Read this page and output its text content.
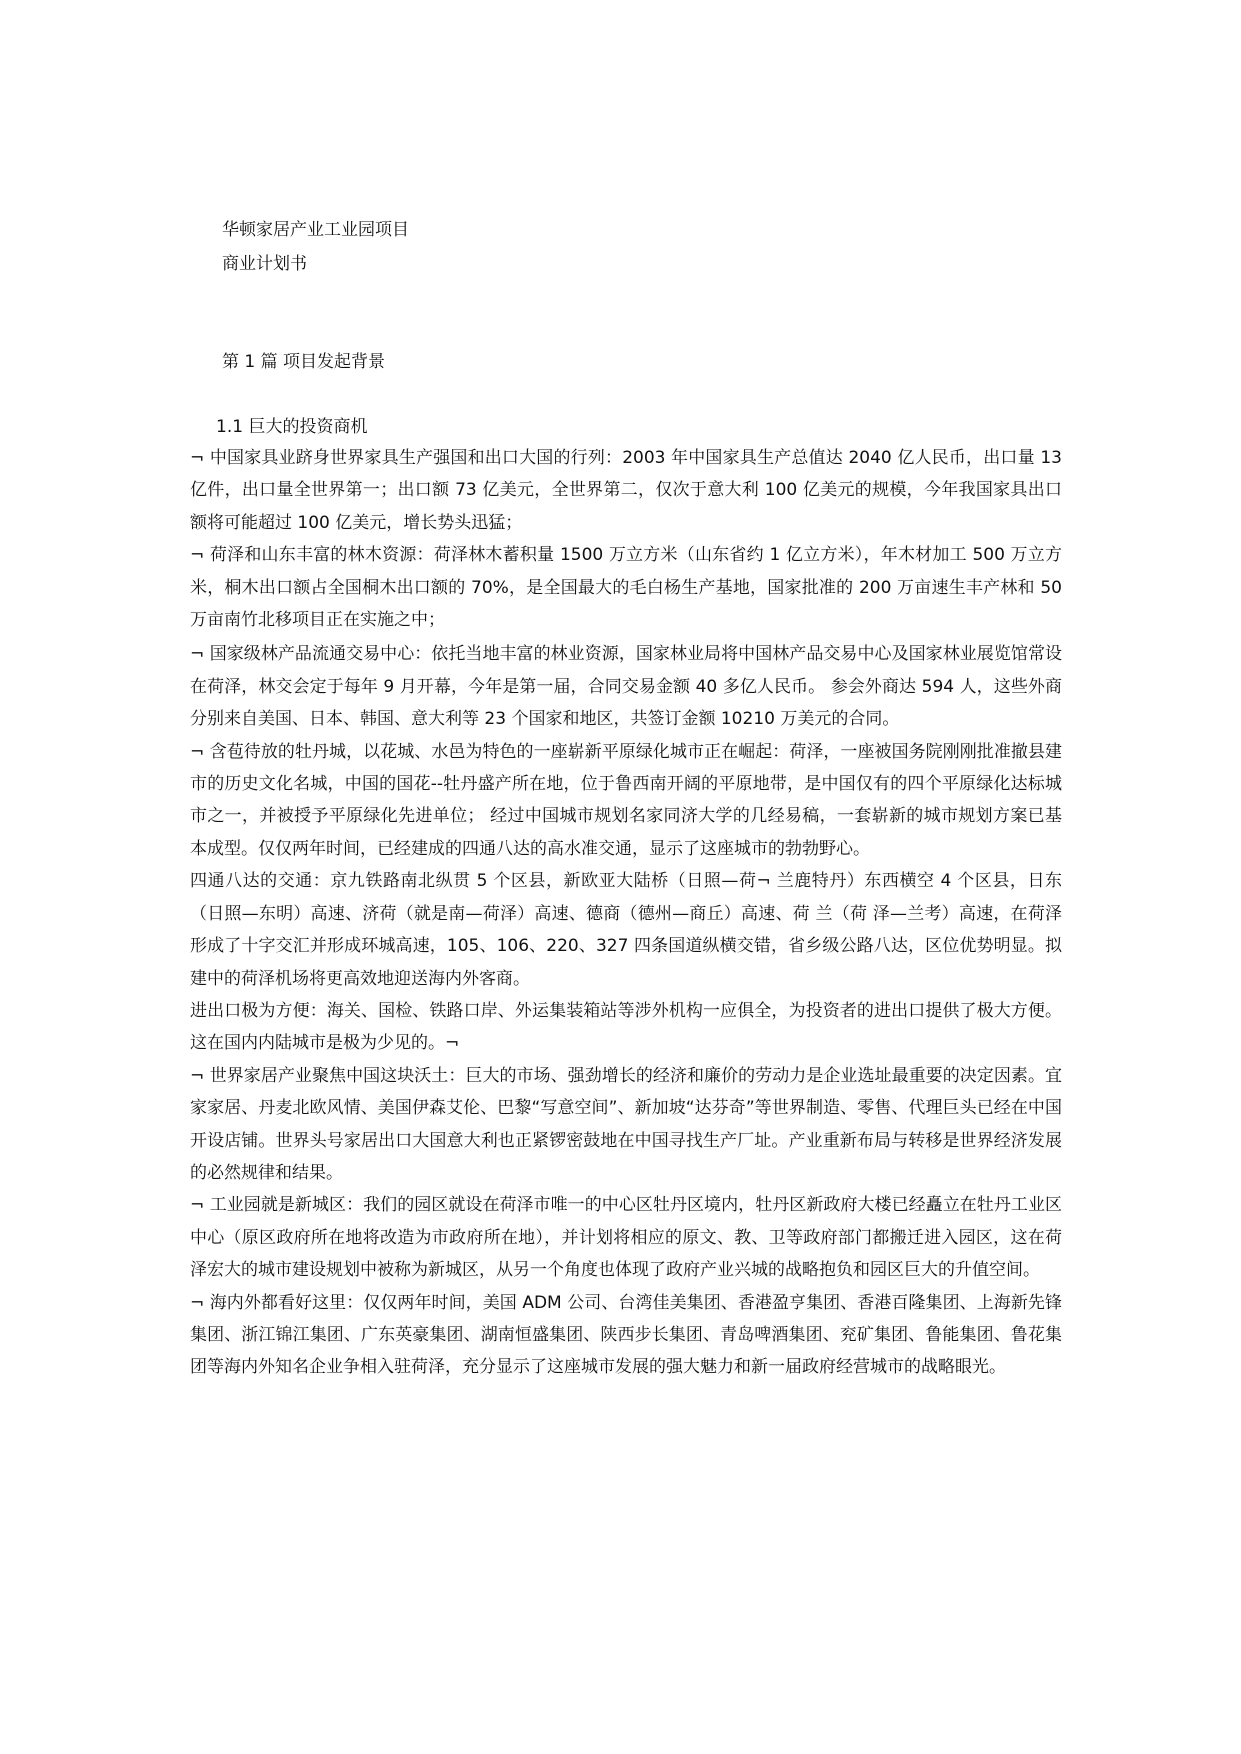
华顿家居产业工业园项目
商业计划书
第 1 篇 项目发起背景
1.1 巨大的投资商机

¬ 中国家具业跻身世界家具生产强国和出口大国的行列：2003 年中国家具生产总值达 2040 亿人民币，出口量 13 亿件，出口量全世界第一；出口额 73 亿美元，全世界第二，仅次于意大利 100 亿美元的规模，今年我国家具出口额将可能超过 100 亿美元，增长势头迅猛；

¬ 荷泽和山东丰富的林木资源：荷泽林木蓄积量 1500 万立方米（山东省约 1 亿立方米），年木材加工 500 万立方米，桐木出口额占全国桐木出口额的 70%，是全国最大的毛白杨生产基地，国家批准的 200 万亩速生丰产林和 50 万亩南竹北移项目正在实施之中；

¬ 国家级林产品流通交易中心：依托当地丰富的林业资源，国家林业局将中国林产品交易中心及国家林业展览馆常设在荷泽，林交会定于每年 9 月开幕，今年是第一届，合同交易金额 40 多亿人民币。 参会外商达 594 人，这些外商分别来自美国、日本、韩国、意大利等 23 个国家和地区，共签订金额 10210 万美元的合同。

¬ 含苞待放的牡丹城，以花城、水邑为特色的一座崭新平原绿化城市正在崛起：荷泽，一座被国务院刚刚批准撤县建市的历史文化名城，中国的国花--牡丹盛产所在地，位于鲁西南开阔的平原地带，是中国仅有的四个平原绿化达标城市之一，并被授予平原绿化先进单位； 经过中国城市规划名家同济大学的几经易稿，一套崭新的城市规划方案已基本成型。仅仅两年时间，已经建成的四通八达的高水准交通，显示了这座城市的勃勃野心。

四通八达的交通：京九铁路南北纵贯 5 个区县，新欧亚大陆桥（日照—荷¬ 兰鹿特丹）东西横空 4 个区县，日东（日照—东明）高速、济荷（就是南—荷泽）高速、德商（德州—商丘）高速、荷 兰（荷 泽—兰考）高速，在荷泽形成了十字交汇并形成环城高速，105、106、220、327 四条国道纵横交错，省乡级公路八达，区位优势明显。拟建中的荷泽机场将更高效地迎送海内外客商。

进出口极为方便：海关、国检、铁路口岸、外运集装箱站等涉外机构一应俱全，为投资者的进出口提供了极大方便。这在国内内陆城市是极为少见的。¬

¬ 世界家居产业聚焦中国这块沃土：巨大的市场、强劲增长的经济和廉价的劳动力是企业选址最重要的决定因素。宜家家居、丹麦北欧风情、美国伊森艾伦、巴黎“写意空间”、新加坡“达芬奇”等世界制造、零售、代理巨头已经在中国开设店铺。世界头号家居出口大国意大利也正紧锣密鼓地在中国寻找生产厂址。产业重新布局与转移是世界经济发展的必然规律和结果。

¬ 工业园就是新城区：我们的园区就设在荷泽市唯一的中心区牡丹区境内，牡丹区新政府大楼已经矗立在牡丹工业区中心（原区政府所在地将改造为市政府所在地），并计划将相应的原文、教、卫等政府部门都搬迁进入园区，这在荷泽宏大的城市建设规划中被称为新城区，从另一个角度也体现了政府产业兴城的战略抱负和园区巨大的升值空间。

¬ 海内外都看好这里：仅仅两年时间，美国 ADM 公司、台湾佳美集团、香港盈亨集团、香港百隆集团、上海新先锋集团、浙江锦江集团、广东英豪集团、湖南恒盛集团、陕西步长集团、青岛啤酒集团、兖矿集团、鲁能集团、鲁花集团等海内外知名企业争相入驻荷泽，充分显示了这座城市发展的强大魅力和新一届政府经营城市的战略眼光。
